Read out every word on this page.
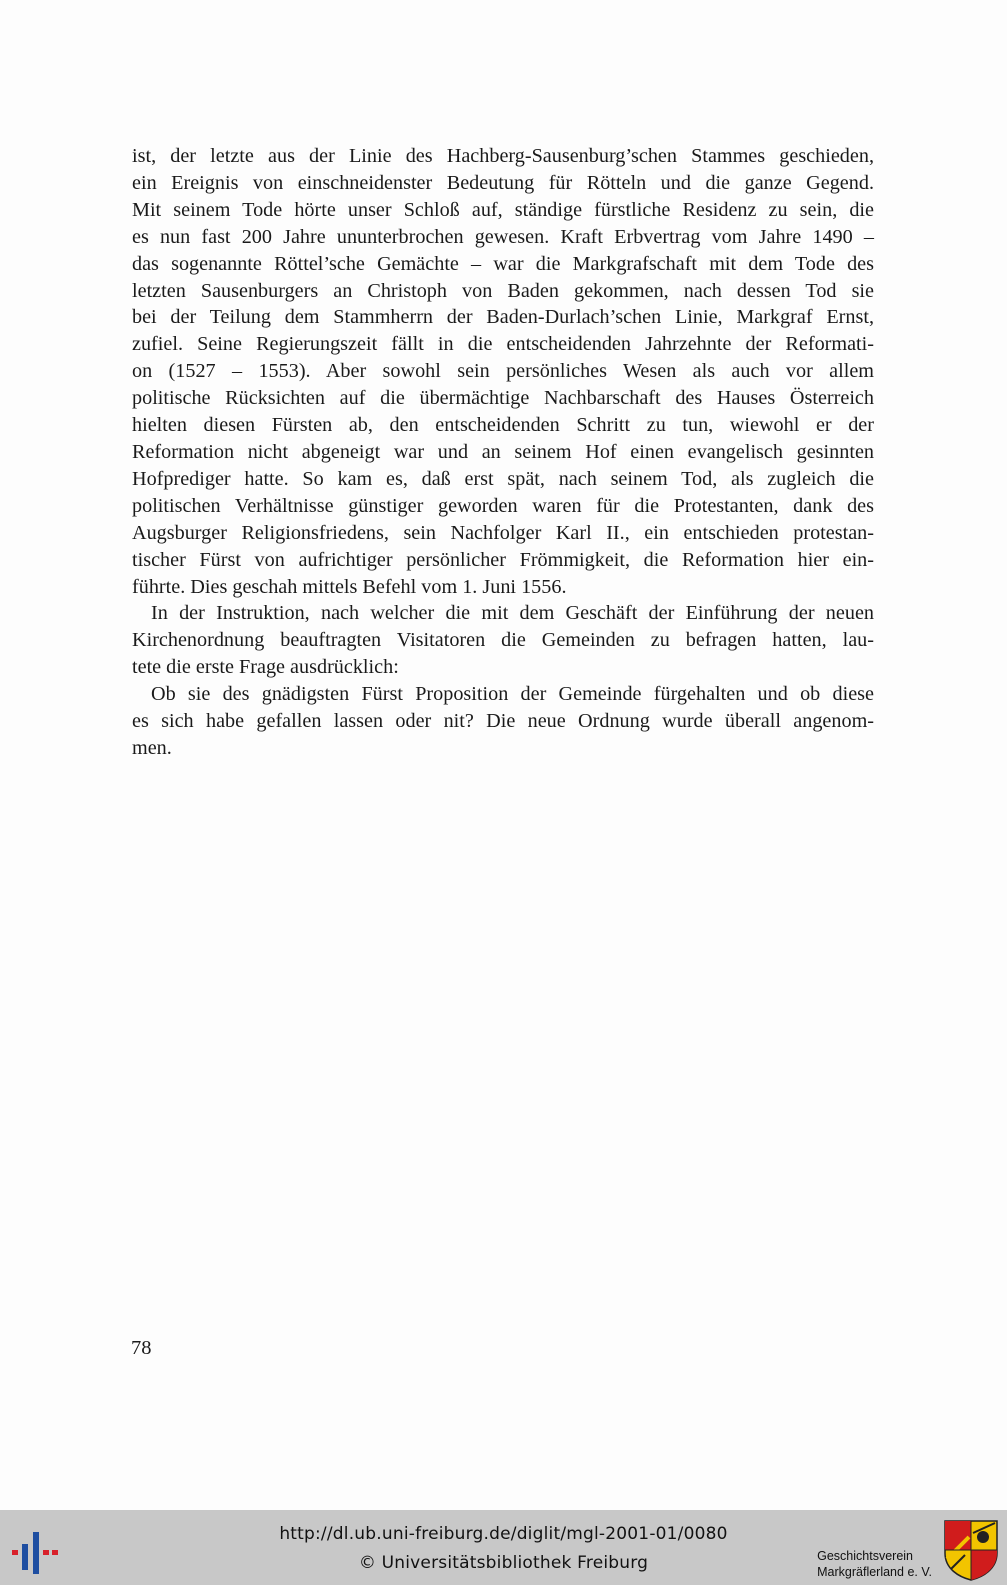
ist, der letzte aus der Linie des Hachberg-Sausenburg’schen Stammes geschieden,
ein Ereignis von einschneidenster Bedeutung für Rötteln und die ganze Gegend.
Mit seinem Tode hörte unser Schloß auf, ständige fürstliche Residenz zu sein, die
es nun fast 200 Jahre ununterbrochen gewesen. Kraft Erbvertrag vom Jahre 1490 –
das sogenannte Röttel’sche Gemächte – war die Markgrafschaft mit dem Tode des
letzten Sausenburgers an Christoph von Baden gekommen, nach dessen Tod sie
bei der Teilung dem Stammherrn der Baden-Durlach’schen Linie, Markgraf Ernst,
zufiel. Seine Regierungszeit fällt in die entscheidenden Jahrzehnte der Reformati-
on (1527 – 1553). Aber sowohl sein persönliches Wesen als auch vor allem
politische Rücksichten auf die übermächtige Nachbarschaft des Hauses Österreich
hielten diesen Fürsten ab, den entscheidenden Schritt zu tun, wiewohl er der
Reformation nicht abgeneigt war und an seinem Hof einen evangelisch gesinnten
Hofprediger hatte. So kam es, daß erst spät, nach seinem Tod, als zugleich die
politischen Verhältnisse günstiger geworden waren für die Protestanten, dank des
Augsburger Religionsfriedens, sein Nachfolger Karl II., ein entschieden protestan-
tischer Fürst von aufrichtiger persönlicher Frömmigkeit, die Reformation hier ein-
führte. Dies geschah mittels Befehl vom 1. Juni 1556.

In der Instruktion, nach welcher die mit dem Geschäft der Einführung der neuen
Kirchenordnung beauftragten Visitatoren die Gemeinden zu befragen hatten, lau-
tete die erste Frage ausdrücklich:

Ob sie des gnädigsten Fürst Proposition der Gemeinde fürgehalten und ob diese
es sich habe gefallen lassen oder nit? Die neue Ordnung wurde überall angenom-
men.

78
http://dl.ub.uni-freiburg.de/diglit/mgl-2001-01/0080
© Universitätsbibliothek Freiburg	Geschichtsverein
Markgräflerland e. V.
